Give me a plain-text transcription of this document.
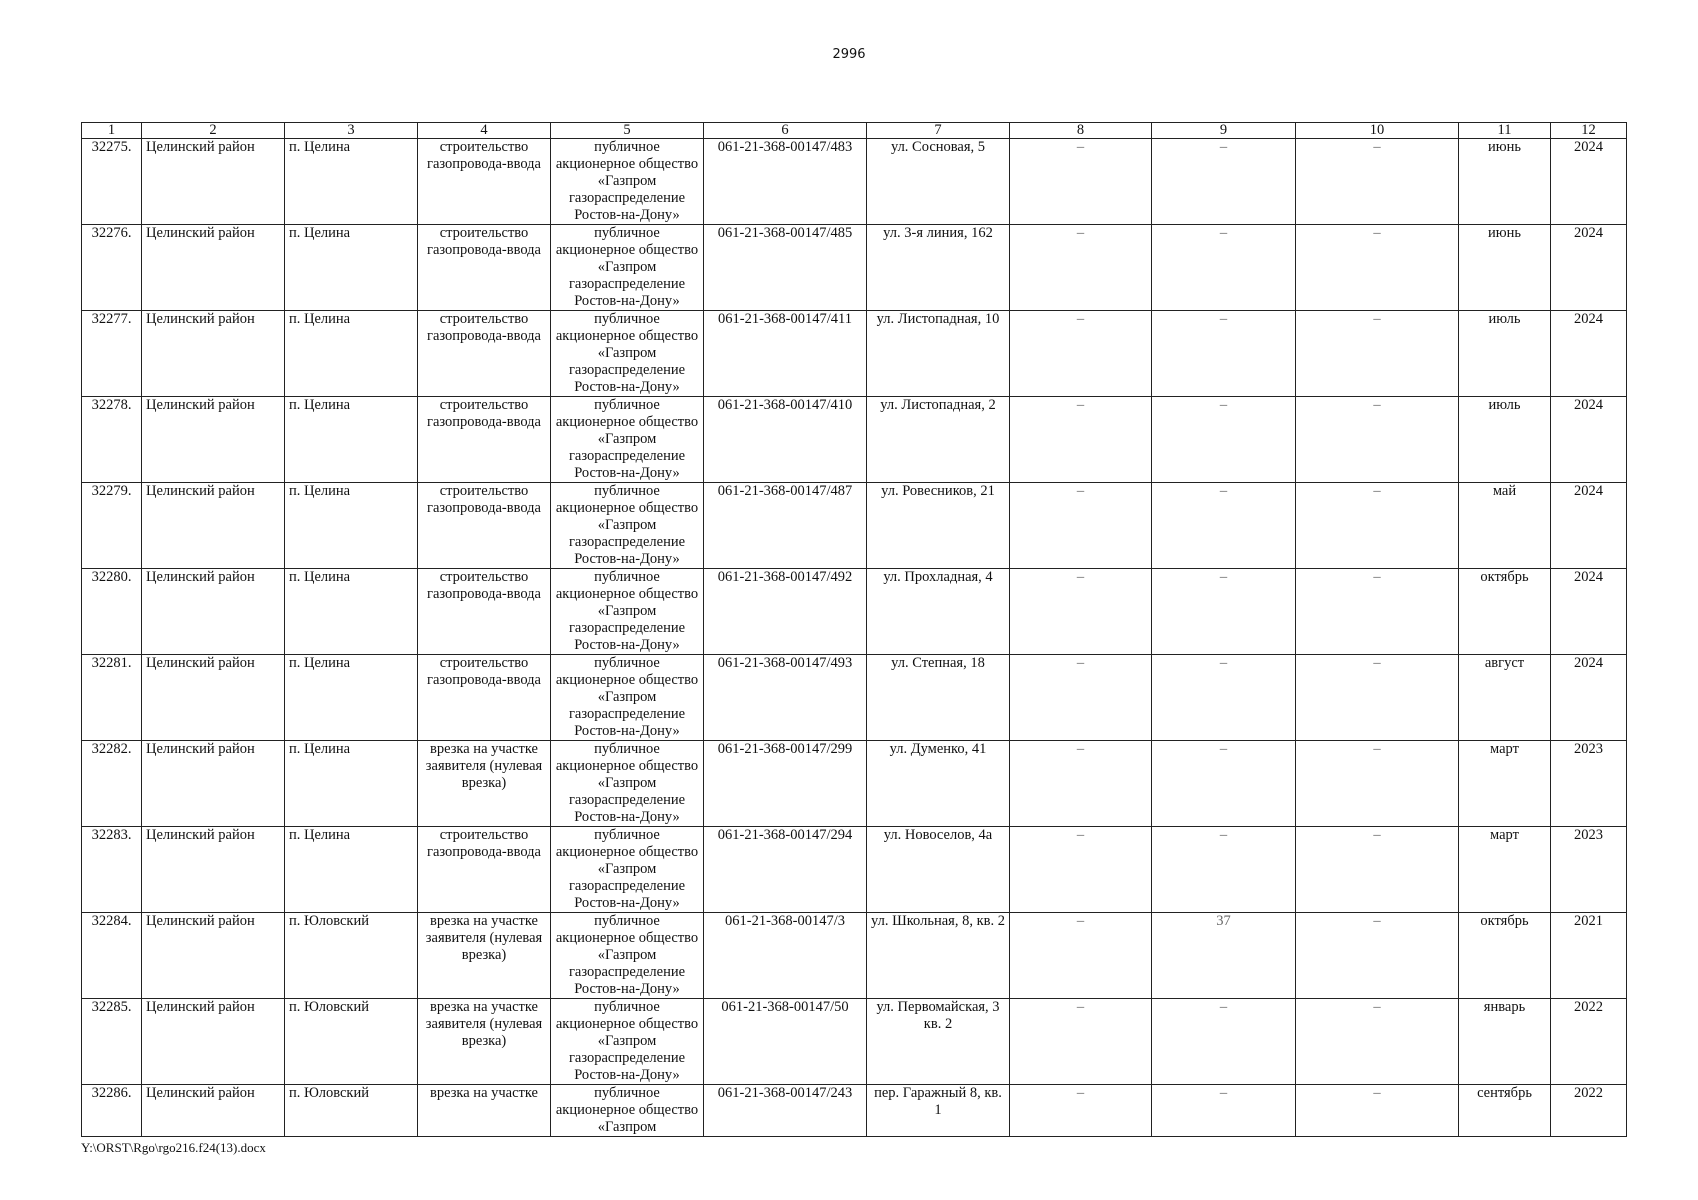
2996
1	2	3	4	5	6	7	8	9	10	11	12
32275.	Целинский район	п. Целина	строительство газопровода-ввода	публичное акционерное общество «Газпром газораспределение Ростов-на-Дону»	061-21-368-00147/483	ул. Сосновая, 5	–	–	–	июнь	2024
32276.	Целинский район	п. Целина	строительство газопровода-ввода	публичное акционерное общество «Газпром газораспределение Ростов-на-Дону»	061-21-368-00147/485	ул. 3-я линия, 162	–	–	–	июнь	2024
32277.	Целинский район	п. Целина	строительство газопровода-ввода	публичное акционерное общество «Газпром газораспределение Ростов-на-Дону»	061-21-368-00147/411	ул. Листопадная, 10	–	–	–	июль	2024
32278.	Целинский район	п. Целина	строительство газопровода-ввода	публичное акционерное общество «Газпром газораспределение Ростов-на-Дону»	061-21-368-00147/410	ул. Листопадная, 2	–	–	–	июль	2024
32279.	Целинский район	п. Целина	строительство газопровода-ввода	публичное акционерное общество «Газпром газораспределение Ростов-на-Дону»	061-21-368-00147/487	ул. Ровесников, 21	–	–	–	май	2024
32280.	Целинский район	п. Целина	строительство газопровода-ввода	публичное акционерное общество «Газпром газораспределение Ростов-на-Дону»	061-21-368-00147/492	ул. Прохладная, 4	–	–	–	октябрь	2024
32281.	Целинский район	п. Целина	строительство газопровода-ввода	публичное акционерное общество «Газпром газораспределение Ростов-на-Дону»	061-21-368-00147/493	ул. Степная, 18	–	–	–	август	2024
32282.	Целинский район	п. Целина	врезка на участке заявителя (нулевая врезка)	публичное акционерное общество «Газпром газораспределение Ростов-на-Дону»	061-21-368-00147/299	ул. Думенко, 41	–	–	–	март	2023
32283.	Целинский район	п. Целина	строительство газопровода-ввода	публичное акционерное общество «Газпром газораспределение Ростов-на-Дону»	061-21-368-00147/294	ул. Новоселов, 4а	–	–	–	март	2023
32284.	Целинский район	п. Юловский	врезка на участке заявителя (нулевая врезка)	публичное акционерное общество «Газпром газораспределение Ростов-на-Дону»	061-21-368-00147/3	ул. Школьная, 8, кв. 2	–	37	–	октябрь	2021
32285.	Целинский район	п. Юловский	врезка на участке заявителя (нулевая врезка)	публичное акционерное общество «Газпром газораспределение Ростов-на-Дону»	061-21-368-00147/50	ул. Первомайская, 3 кв. 2	–	–	–	январь	2022
32286.	Целинский район	п. Юловский	врезка на участке	публичное акционерное общество «Газпром	061-21-368-00147/243	пер. Гаражный 8, кв. 1	–	–	–	сентябрь	2022
Y:\ORST\Rgo\rgo216.f24(13).docx
